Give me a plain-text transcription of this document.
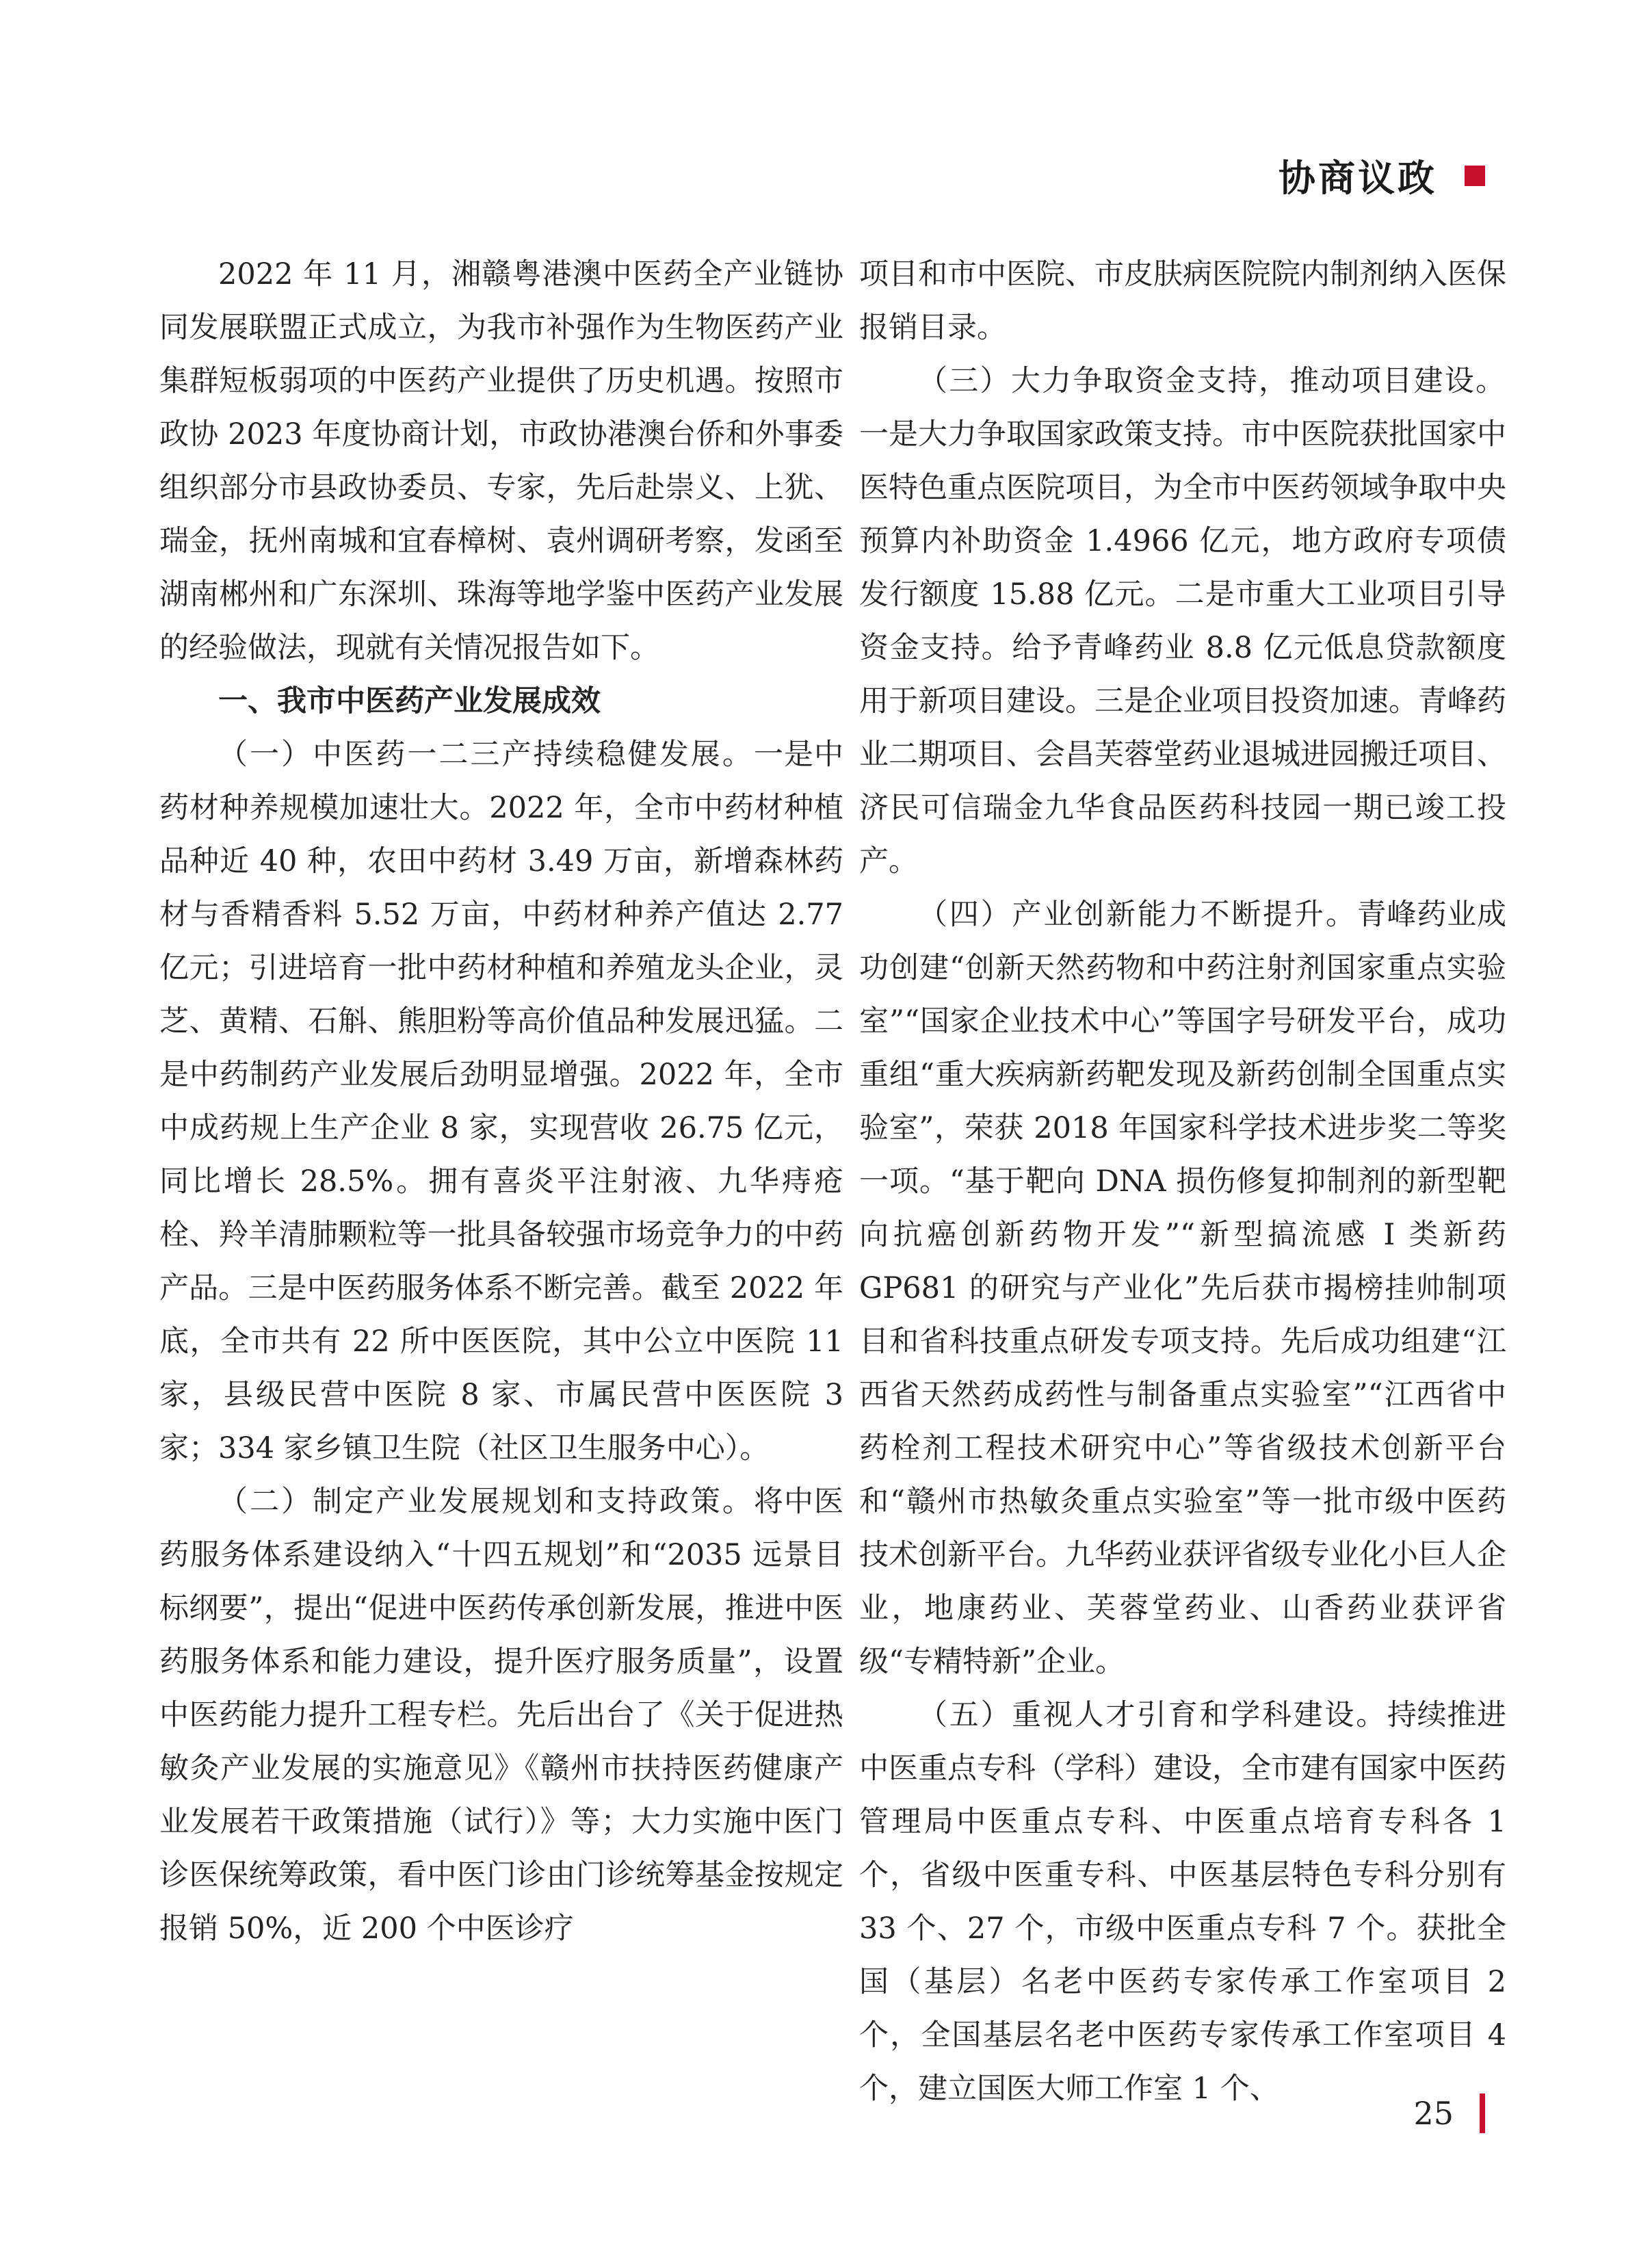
协商议政

2022 年 11 月，湘赣粤港澳中医药全产业链协同发展联盟正式成立，为我市补强作为生物医药产业集群短板弱项的中医药产业提供了历史机遇。按照市政协 2023 年度协商计划，市政协港澳台侨和外事委组织部分市县政协委员、专家，先后赴崇义、上犹、瑞金，抚州南城和宜春樟树、袁州调研考察，发函至湖南郴州和广东深圳、珠海等地学鉴中医药产业发展的经验做法，现就有关情况报告如下。

一、我市中医药产业发展成效

（一）中医药一二三产持续稳健发展。一是中药材种养规模加速壮大。2022 年，全市中药材种植品种近 40 种，农田中药材 3.49 万亩，新增森林药材与香精香料 5.52 万亩，中药材种养产值达 2.77 亿元；引进培育一批中药材种植和养殖龙头企业，灵芝、黄精、石斛、熊胆粉等高价值品种发展迅猛。二是中药制药产业发展后劲明显增强。2022 年，全市中成药规上生产企业 8 家，实现营收 26.75 亿元，同比增长 28.5%。拥有喜炎平注射液、九华痔疮栓、羚羊清肺颗粒等一批具备较强市场竞争力的中药产品。三是中医药服务体系不断完善。截至 2022 年底，全市共有 22 所中医医院，其中公立中医院 11 家，县级民营中医院 8 家、市属民营中医医院 3 家；334 家乡镇卫生院（社区卫生服务中心）。

（二）制定产业发展规划和支持政策。将中医药服务体系建设纳入“十四五规划”和“2035 远景目标纲要”，提出“促进中医药传承创新发展，推进中医药服务体系和能力建设，提升医疗服务质量”，设置中医药能力提升工程专栏。先后出台了《关于促进热敏灸产业发展的实施意见》《赣州市扶持医药健康产业发展若干政策措施（试行）》等；大力实施中医门诊医保统筹政策，看中医门诊由门诊统筹基金按规定报销 50%，近 200 个中医诊疗

项目和市中医院、市皮肤病医院院内制剂纳入医保报销目录。

（三）大力争取资金支持，推动项目建设。一是大力争取国家政策支持。市中医院获批国家中医特色重点医院项目，为全市中医药领域争取中央预算内补助资金 1.4966 亿元，地方政府专项债发行额度 15.88 亿元。二是市重大工业项目引导资金支持。给予青峰药业 8.8 亿元低息贷款额度用于新项目建设。三是企业项目投资加速。青峰药业二期项目、会昌芙蓉堂药业退城进园搬迁项目、济民可信瑞金九华食品医药科技园一期已竣工投产。

（四）产业创新能力不断提升。青峰药业成功创建“创新天然药物和中药注射剂国家重点实验室”“国家企业技术中心”等国字号研发平台，成功重组“重大疾病新药靶发现及新药创制全国重点实验室”，荣获 2018 年国家科学技术进步奖二等奖一项。“基于靶向 DNA 损伤修复抑制剂的新型靶向抗癌创新药物开发”“新型搞流感 I 类新药 GP681 的研究与产业化”先后获市揭榜挂帅制项目和省科技重点研发专项支持。先后成功组建“江西省天然药成药性与制备重点实验室”“江西省中药栓剂工程技术研究中心”等省级技术创新平台和“赣州市热敏灸重点实验室”等一批市级中医药技术创新平台。九华药业获评省级专业化小巨人企业，地康药业、芙蓉堂药业、山香药业获评省级“专精特新”企业。

（五）重视人才引育和学科建设。持续推进中医重点专科（学科）建设，全市建有国家中医药管理局中医重点专科、中医重点培育专科各 1 个，省级中医重专科、中医基层特色专科分别有 33 个、27 个，市级中医重点专科 7 个。获批全国（基层）名老中医药专家传承工作室项目 2 个，全国基层名老中医药专家传承工作室项目 4 个，建立国医大师工作室 1 个、

25
